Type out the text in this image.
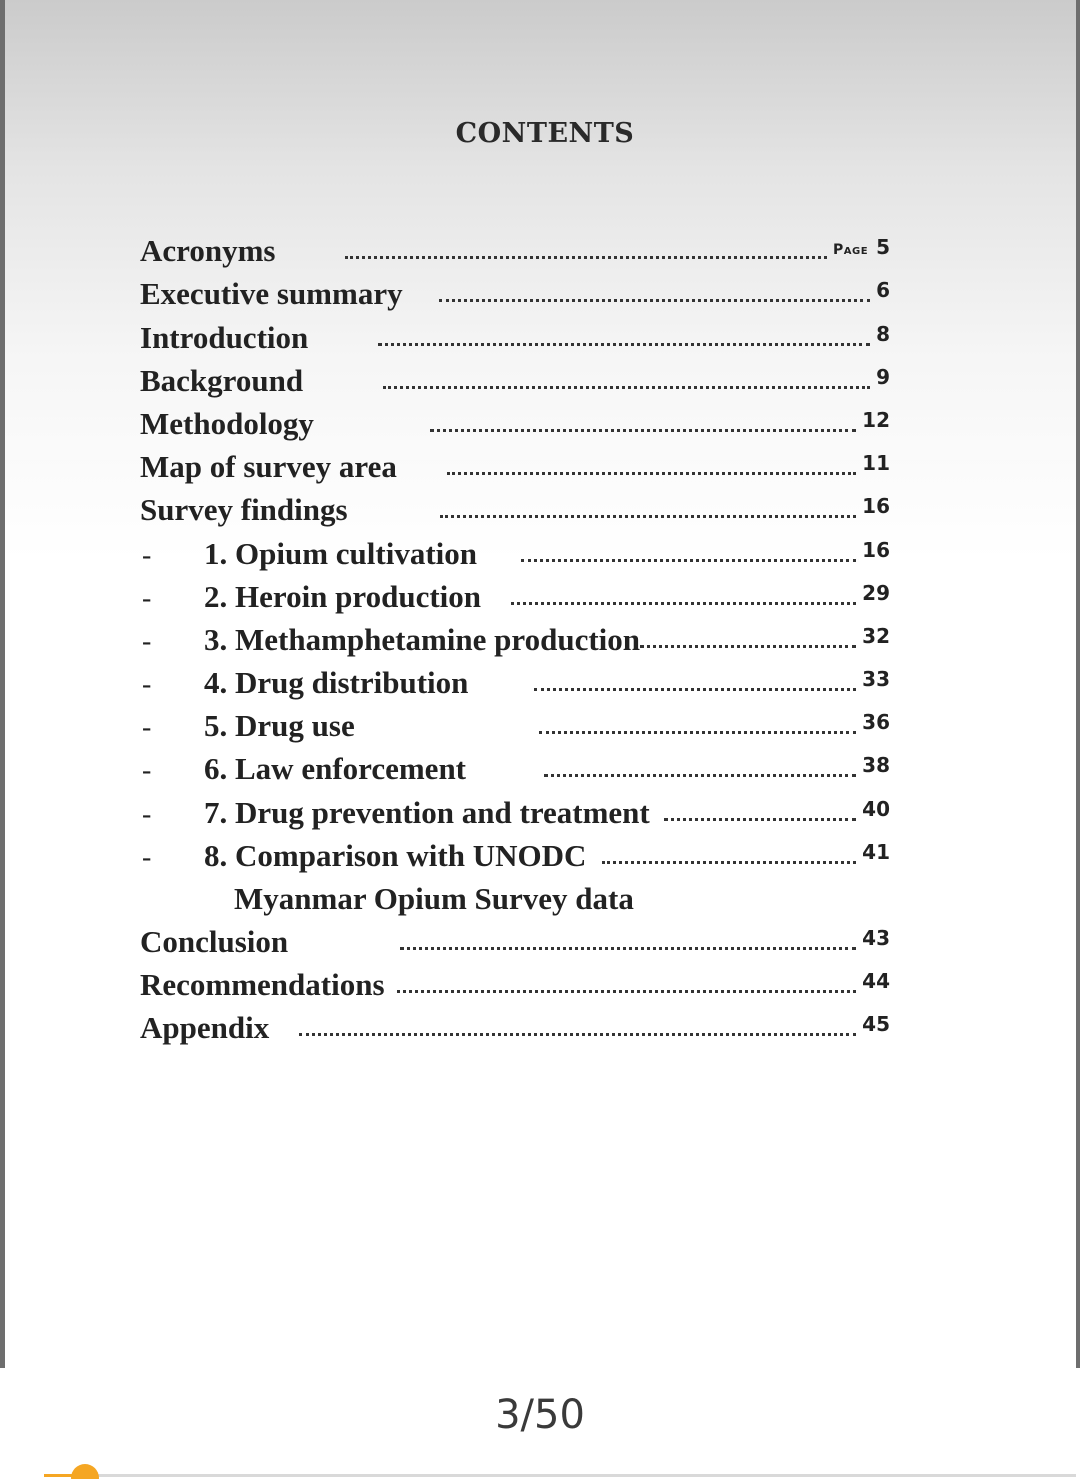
CONTENTS
Acronyms	Page 5
Executive summary	6
Introduction	8
Background	9
Methodology	12
Map of survey area	11
Survey findings	16
-	1. Opium cultivation	16
-	2. Heroin production	29
-	3. Methamphetamine production	32
-	4. Drug distribution	33
-	5. Drug use	36
-	6. Law enforcement	38
-	7. Drug prevention and treatment	40
-	8. Comparison with UNODC	41
Myanmar Opium Survey data
Conclusion	43
Recommendations	44
Appendix	45
3/50
